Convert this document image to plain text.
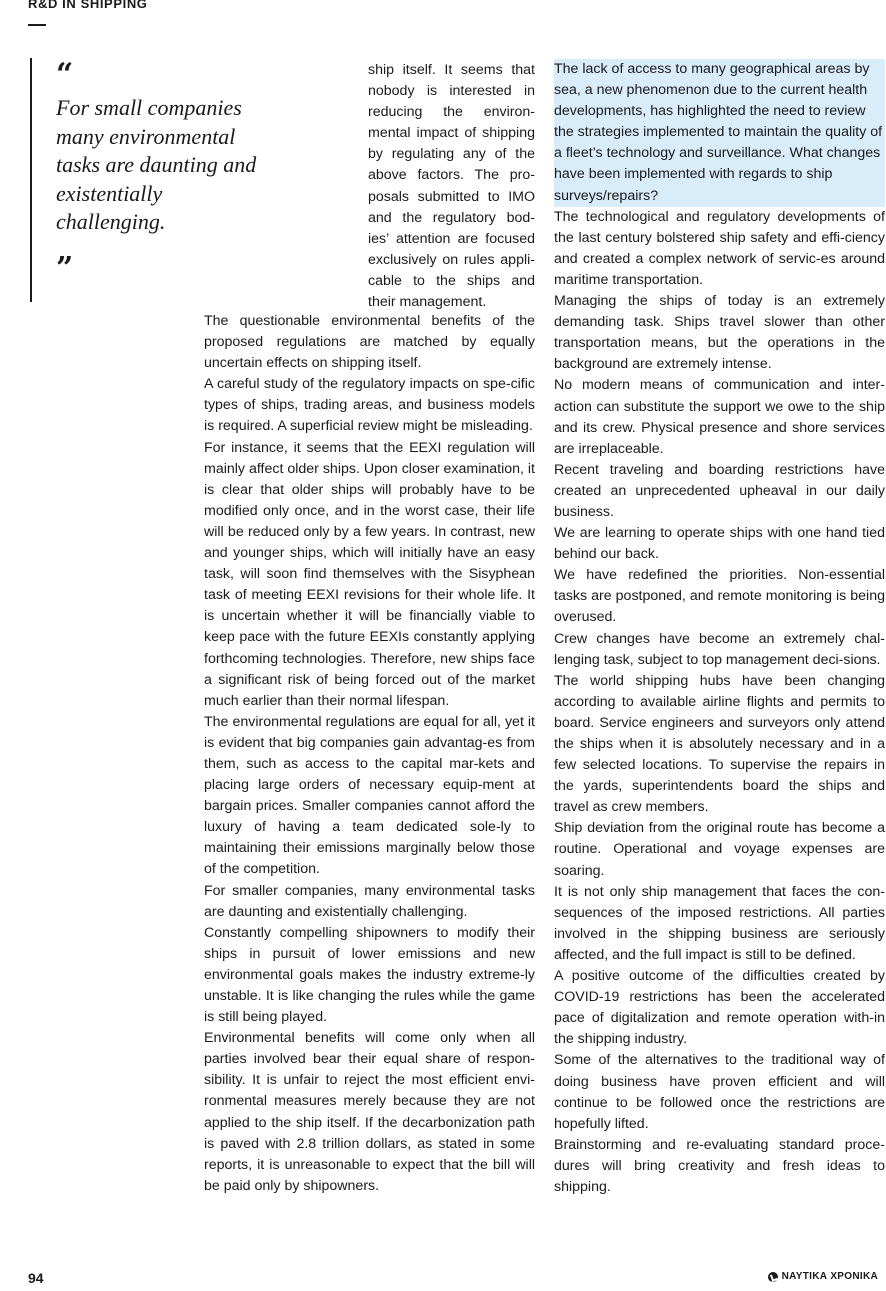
R&D IN SHIPPING
“

For small companies many environmental tasks are daunting and existentially challenging.

”

ship itself. It seems that nobody is interested in reducing the environ-mental impact of shipping by regulating any of the above factors. The pro-posals submitted to IMO and the regulatory bod-ies’ attention are focused exclusively on rules appli-cable to the ships and their management.

The questionable environmental benefits of the proposed regulations are matched by equally uncertain effects on shipping itself.

A careful study of the regulatory impacts on spe-cific types of ships, trading areas, and business models is required. A superficial review might be misleading.

For instance, it seems that the EEXI regulation will mainly affect older ships. Upon closer examination, it is clear that older ships will probably have to be modified only once, and in the worst case, their life will be reduced only by a few years. In contrast, new and younger ships, which will initially have an easy task, will soon find themselves with the Sisyphean task of meeting EEXI revisions for their whole life. It is uncertain whether it will be financially viable to keep pace with the future EEXIs constantly applying forthcoming technologies. Therefore, new ships face a significant risk of being forced out of the market much earlier than their normal lifespan.

The environmental regulations are equal for all, yet it is evident that big companies gain advantag-es from them, such as access to the capital mar-kets and placing large orders of necessary equip-ment at bargain prices. Smaller companies cannot afford the luxury of having a team dedicated sole-ly to maintaining their emissions marginally below those of the competition.

For smaller companies, many environmental tasks are daunting and existentially challenging.

Constantly compelling shipowners to modify their ships in pursuit of lower emissions and new environmental goals makes the industry extreme-ly unstable. It is like changing the rules while the game is still being played.

Environmental benefits will come only when all parties involved bear their equal share of respon-sibility. It is unfair to reject the most efficient envi-ronmental measures merely because they are not applied to the ship itself. If the decarbonization path is paved with 2.8 trillion dollars, as stated in some reports, it is unreasonable to expect that the bill will be paid only by shipowners.

The lack of access to many geographical areas by sea, a new phenomenon due to the current health developments, has highlighted the need to review the strategies implemented to maintain the quality of a fleet’s technology and surveillance. What changes have been implemented with regards to ship surveys/repairs?

The technological and regulatory developments of the last century bolstered ship safety and effi-ciency and created a complex network of servic-es around maritime transportation.

Managing the ships of today is an extremely demanding task. Ships travel slower than other transportation means, but the operations in the background are extremely intense.

No modern means of communication and inter-action can substitute the support we owe to the ship and its crew. Physical presence and shore services are irreplaceable.

Recent traveling and boarding restrictions have created an unprecedented upheaval in our daily business.

We are learning to operate ships with one hand tied behind our back.

We have redefined the priorities. Non-essential tasks are postponed, and remote monitoring is being overused.

Crew changes have become an extremely chal-lenging task, subject to top management deci-sions.

The world shipping hubs have been changing according to available airline flights and permits to board. Service engineers and surveyors only attend the ships when it is absolutely necessary and in a few selected locations. To supervise the repairs in the yards, superintendents board the ships and travel as crew members.

Ship deviation from the original route has become a routine. Operational and voyage expenses are soaring.

It is not only ship management that faces the con-sequences of the imposed restrictions. All parties involved in the shipping business are seriously affected, and the full impact is still to be defined.

A positive outcome of the difficulties created by COVID-19 restrictions has been the accelerated pace of digitalization and remote operation with-in the shipping industry.

Some of the alternatives to the traditional way of doing business have proven efficient and will continue to be followed once the restrictions are hopefully lifted.

Brainstorming and re-evaluating standard proce-dures will bring creativity and fresh ideas to shipping.

94	ΝΑΥΤΙΚΑ ΧΡΟΝΙΚΑ
